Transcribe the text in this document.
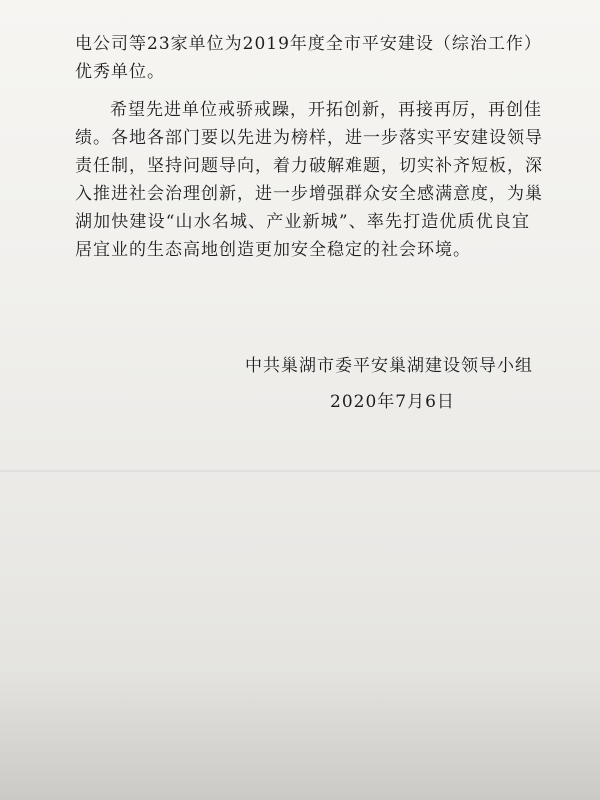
电公司等23家单位为2019年度全市平安建设（综治工作）
优秀单位。
希望先进单位戒骄戒躁，开拓创新，再接再厉，再创佳
绩。各地各部门要以先进为榜样，进一步落实平安建设领导
责任制，坚持问题导向，着力破解难题，切实补齐短板，深
入推进社会治理创新，进一步增强群众安全感满意度，为巢
湖加快建设“山水名城、产业新城”、率先打造优质优良宜
居宜业的生态高地创造更加安全稳定的社会环境。
中共巢湖市委平安巢湖建设领导小组
2020年7月6日
